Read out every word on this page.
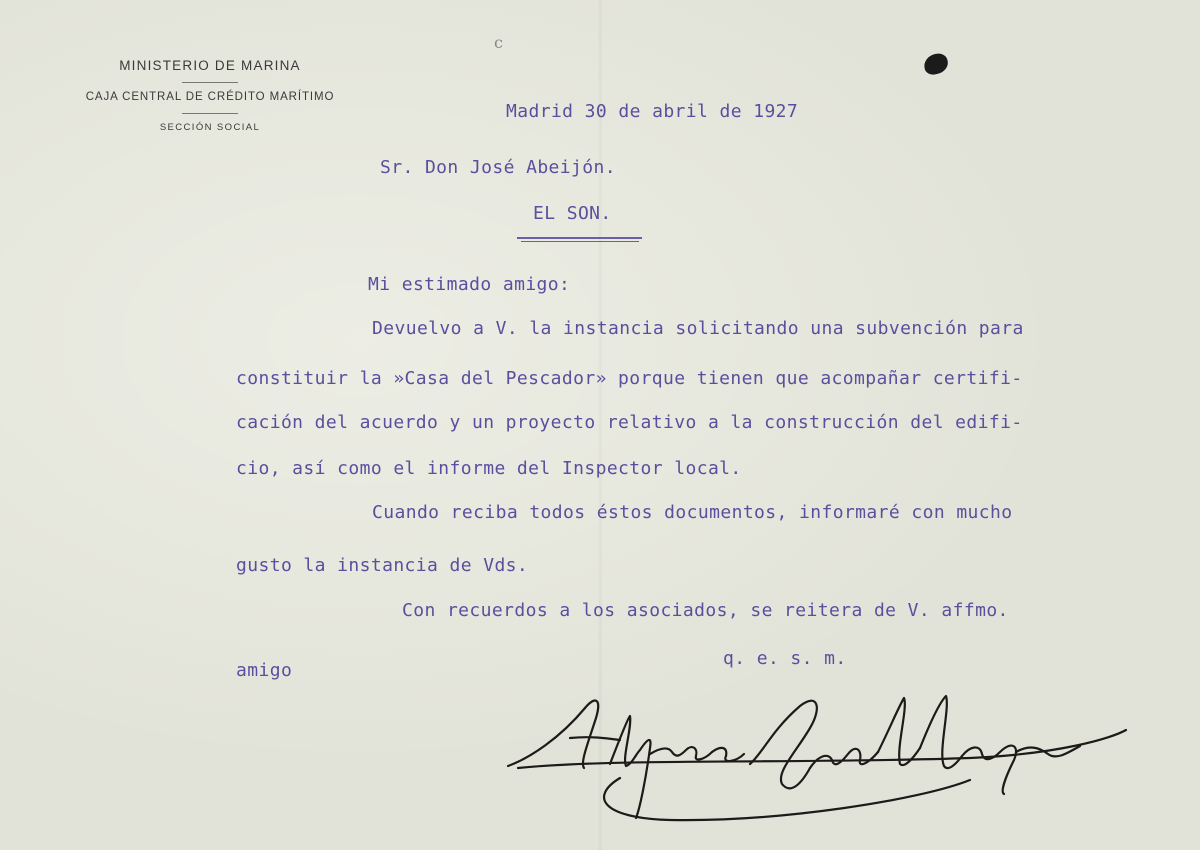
c
MINISTERIO DE MARINA
CAJA CENTRAL DE CRÉDITO MARÍTIMO
SECCIÓN SOCIAL
Madrid 30 de abril de 1927
Sr. Don José Abeijón.
EL SON.
Mi estimado amigo:
Devuelvo a V. la instancia solicitando una subvención para
constituir la »Casa del Pescador» porque tienen que acompañar certifi-
cación del acuerdo y un proyecto relativo a la construcción del edifi-
cio, así como el informe del Inspector local.
Cuando reciba todos éstos documentos, informaré con mucho
gusto la instancia de Vds.
Con recuerdos a los asociados, se reitera de V. affmo.
amigo
q. e. s. m.
